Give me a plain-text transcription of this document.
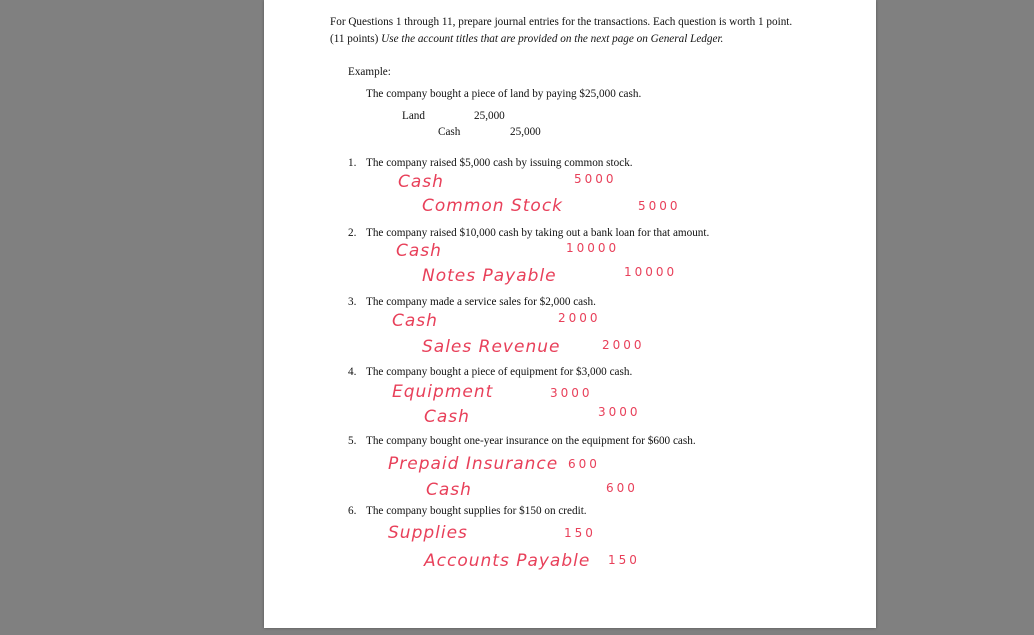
For Questions 1 through 11, prepare journal entries for the transactions. Each question is worth 1 point. (11 points) Use the account titles that are provided on the next page on General Ledger.
Example:
The company bought a piece of land by paying $25,000 cash.
Land	25,000
Cash	25,000
1. The company raised $5,000 cash by issuing common stock.
Cash	5000
Common Stock	5000
2. The company raised $10,000 cash by taking out a bank loan for that amount.
Cash	10000
Notes Payable	10000
3. The company made a service sales for $2,000 cash.
Cash	2000
Sales Revenue	2000
4. The company bought a piece of equipment for $3,000 cash.
Equipment	3000
Cash	3000
5. The company bought one-year insurance on the equipment for $600 cash.
Prepaid Insurance 600
Cash	600
6. The company bought supplies for $150 on credit.
Supplies	150
Accounts Payable 150
